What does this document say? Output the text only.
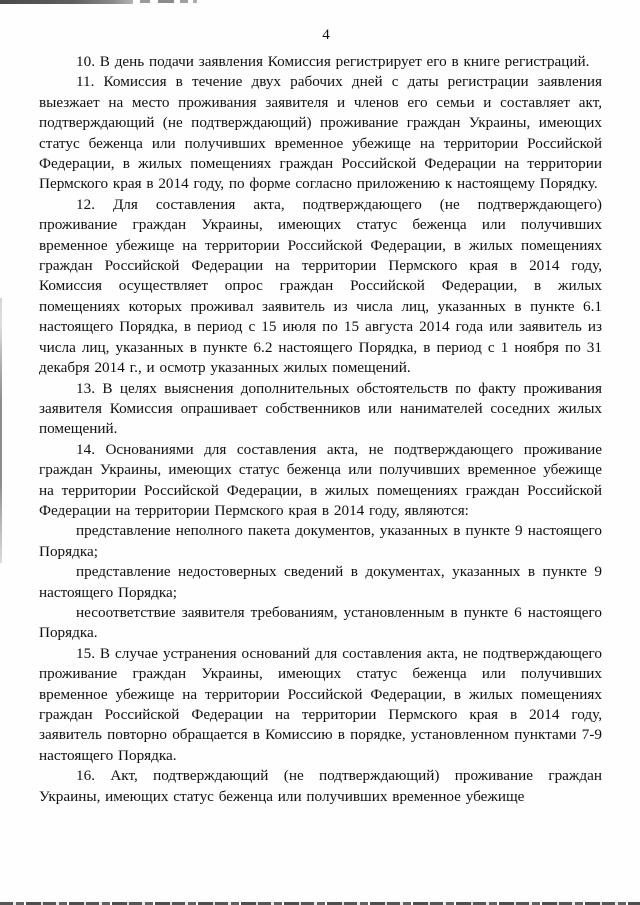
4

10. В день подачи заявления Комиссия регистрирует его в книге регистраций.

11. Комиссия в течение двух рабочих дней с даты регистрации заявления выезжает на место проживания заявителя и членов его семьи и составляет акт, подтверждающий (не подтверждающий) проживание граждан Украины, имеющих статус беженца или получивших временное убежище на территории Российской Федерации, в жилых помещениях граждан Российской Федерации на территории Пермского края в 2014 году, по форме согласно приложению к настоящему Порядку.

12. Для составления акта, подтверждающего (не подтверждающего) проживание граждан Украины, имеющих статус беженца или получивших временное убежище на территории Российской Федерации, в жилых помещениях граждан Российской Федерации на территории Пермского края в 2014 году, Комиссия осуществляет опрос граждан Российской Федерации, в жилых помещениях которых проживал заявитель из числа лиц, указанных в пункте 6.1 настоящего Порядка, в период с 15 июля по 15 августа 2014 года или заявитель из числа лиц, указанных в пункте 6.2 настоящего Порядка, в период с 1 ноября по 31 декабря 2014 г., и осмотр указанных жилых помещений.

13. В целях выяснения дополнительных обстоятельств по факту проживания заявителя Комиссия опрашивает собственников или нанимателей соседних жилых помещений.

14. Основаниями для составления акта, не подтверждающего проживание граждан Украины, имеющих статус беженца или получивших временное убежище на территории Российской Федерации, в жилых помещениях граждан Российской Федерации на территории Пермского края в 2014 году, являются:

представление неполного пакета документов, указанных в пункте 9 настоящего Порядка;

представление недостоверных сведений в документах, указанных в пункте 9 настоящего Порядка;

несоответствие заявителя требованиям, установленным в пункте 6 настоящего Порядка.

15. В случае устранения оснований для составления акта, не подтверждающего проживание граждан Украины, имеющих статус беженца или получивших временное убежище на территории Российской Федерации, в жилых помещениях граждан Российской Федерации на территории Пермского края в 2014 году, заявитель повторно обращается в Комиссию в порядке, установленном пунктами 7-9 настоящего Порядка.

16. Акт, подтверждающий (не подтверждающий) проживание граждан Украины, имеющих статус беженца или получивших временное убежище
